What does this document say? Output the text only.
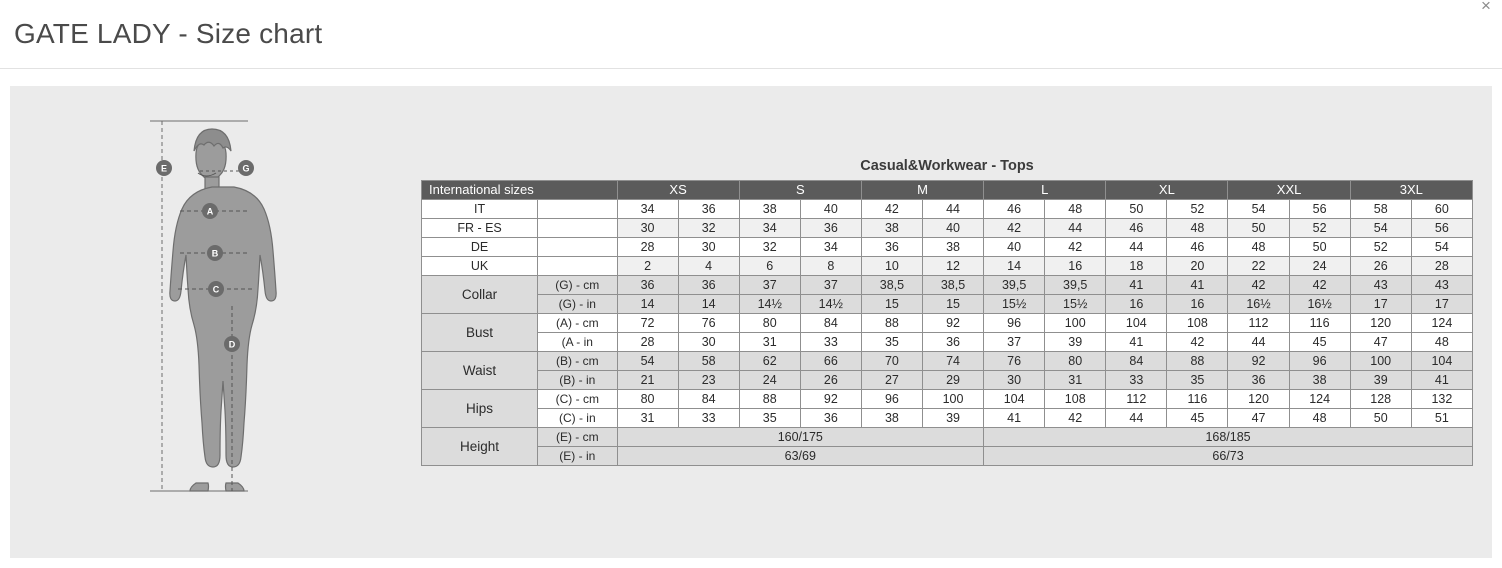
GATE LADY - Size chart
×
E	G
A
B
C
D
Casual&Workwear - Tops
International sizes		XS		S		M		L		XL		XXL		3XL	
IT		34	36	38	40	42	44	46	48	50	52	54	56	58	60
FR - ES		30	32	34	36	38	40	42	44	46	48	50	52	54	56
DE		28	30	32	34	36	38	40	42	44	46	48	50	52	54
UK		2	4	6	8	10	12	14	16	18	20	22	24	26	28
Collar	(G) - cm	36	36	37	37	38,5	38,5	39,5	39,5	41	41	42	42	43	43
	(G) - in	14	14	14½	14½	15	15	15½	15½	16	16	16½	16½	17	17
Bust	(A) - cm	72	76	80	84	88	92	96	100	104	108	112	116	120	124
	(A - in	28	30	31	33	35	36	37	39	41	42	44	45	47	48
Waist	(B) - cm	54	58	62	66	70	74	76	80	84	88	92	96	100	104
	(B) - in	21	23	24	26	27	29	30	31	33	35	36	38	39	41
Hips	(C) - cm	80	84	88	92	96	100	104	108	112	116	120	124	128	132
	(C) - in	31	33	35	36	38	39	41	42	44	45	47	48	50	51
Height	(E) - cm	160/175						168/185							
	(E) - in	63/69						66/73							
